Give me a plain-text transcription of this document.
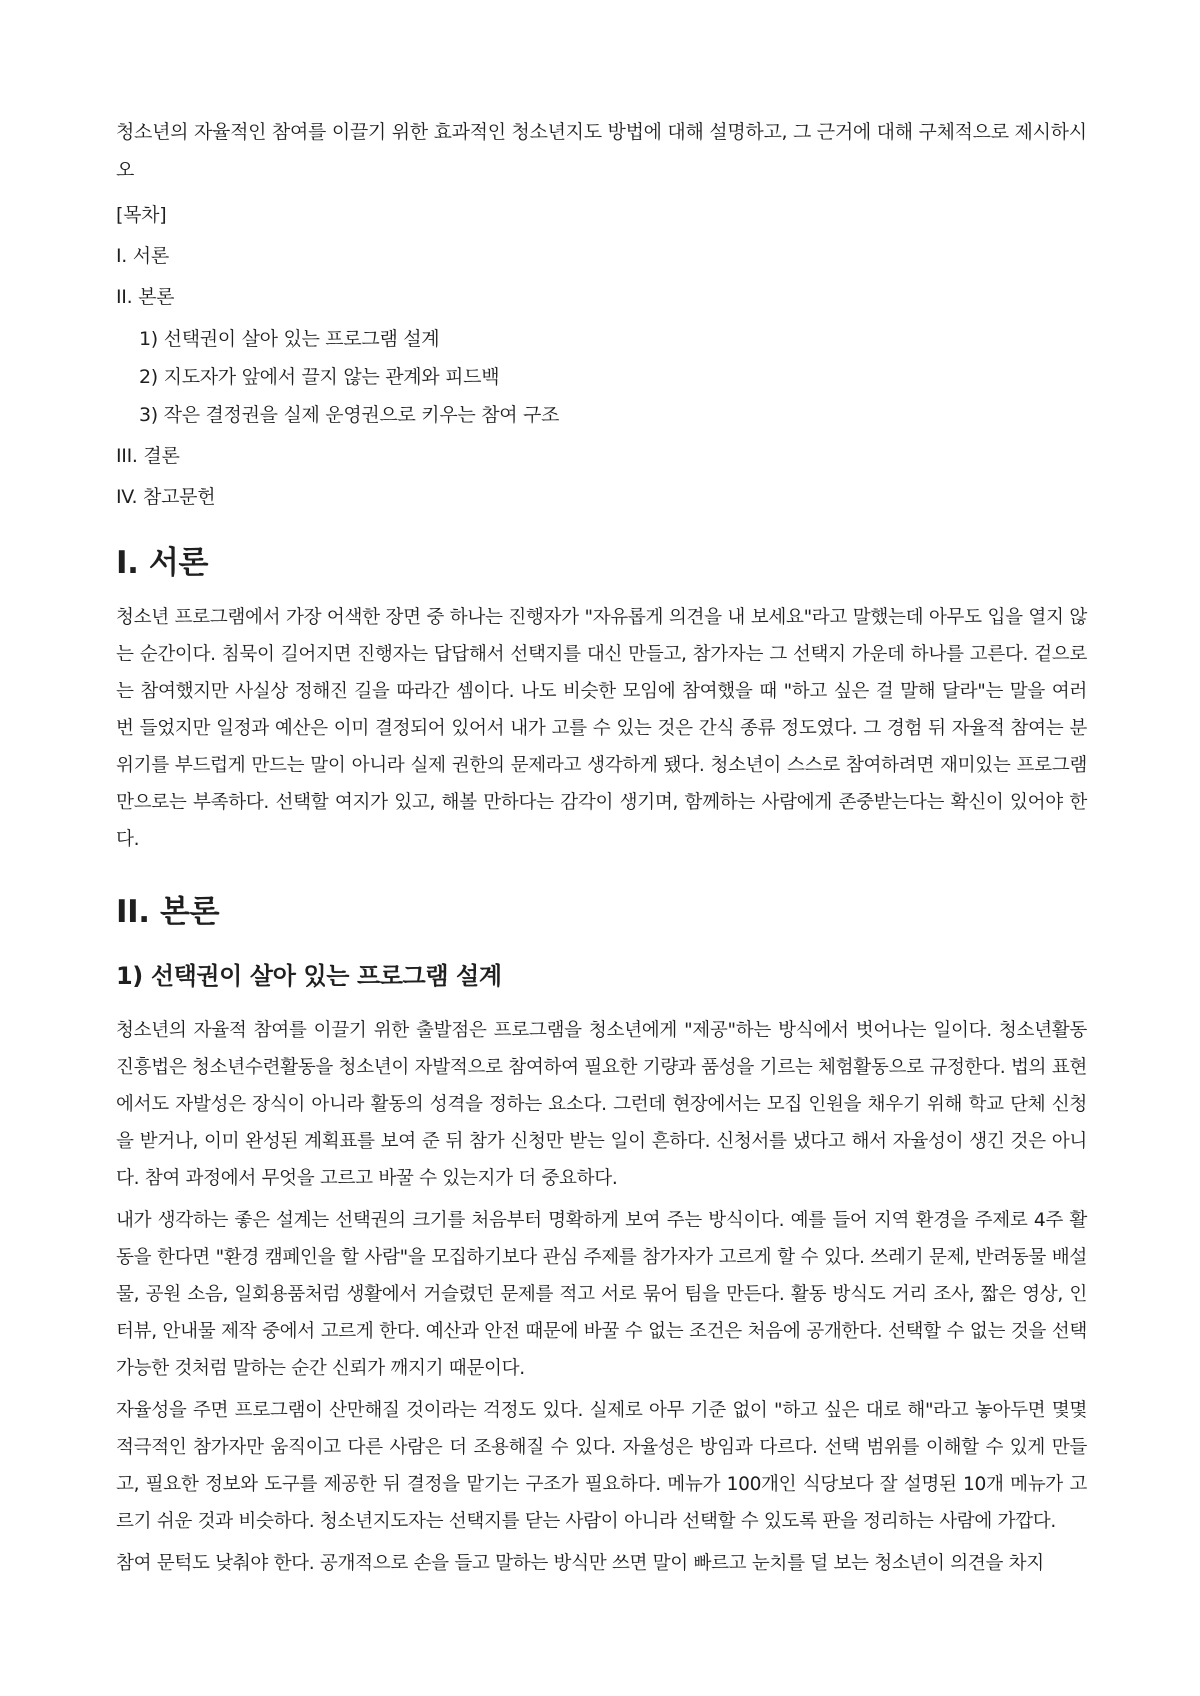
청소년의 자율적인 참여를 이끌기 위한 효과적인 청소년지도 방법에 대해 설명하고, 그 근거에 대해 구체적으로 제시하시오

[목차]

I. 서론

II. 본론

1) 선택권이 살아 있는 프로그램 설계

2) 지도자가 앞에서 끌지 않는 관계와 피드백

3) 작은 결정권을 실제 운영권으로 키우는 참여 구조

III. 결론

IV. 참고문헌

I. 서론

청소년 프로그램에서 가장 어색한 장면 중 하나는 진행자가 "자유롭게 의견을 내 보세요"라고 말했는데 아무도 입을 열지 않는 순간이다. 침묵이 길어지면 진행자는 답답해서 선택지를 대신 만들고, 참가자는 그 선택지 가운데 하나를 고른다. 겉으로는 참여했지만 사실상 정해진 길을 따라간 셈이다. 나도 비슷한 모임에 참여했을 때 "하고 싶은 걸 말해 달라"는 말을 여러 번 들었지만 일정과 예산은 이미 결정되어 있어서 내가 고를 수 있는 것은 간식 종류 정도였다. 그 경험 뒤 자율적 참여는 분위기를 부드럽게 만드는 말이 아니라 실제 권한의 문제라고 생각하게 됐다. 청소년이 스스로 참여하려면 재미있는 프로그램만으로는 부족하다. 선택할 여지가 있고, 해볼 만하다는 감각이 생기며, 함께하는 사람에게 존중받는다는 확신이 있어야 한다.

II. 본론
1) 선택권이 살아 있는 프로그램 설계

청소년의 자율적 참여를 이끌기 위한 출발점은 프로그램을 청소년에게 "제공"하는 방식에서 벗어나는 일이다. 청소년활동 진흥법은 청소년수련활동을 청소년이 자발적으로 참여하여 필요한 기량과 품성을 기르는 체험활동으로 규정한다. 법의 표현에서도 자발성은 장식이 아니라 활동의 성격을 정하는 요소다. 그런데 현장에서는 모집 인원을 채우기 위해 학교 단체 신청을 받거나, 이미 완성된 계획표를 보여 준 뒤 참가 신청만 받는 일이 흔하다. 신청서를 냈다고 해서 자율성이 생긴 것은 아니다. 참여 과정에서 무엇을 고르고 바꿀 수 있는지가 더 중요하다.

내가 생각하는 좋은 설계는 선택권의 크기를 처음부터 명확하게 보여 주는 방식이다. 예를 들어 지역 환경을 주제로 4주 활동을 한다면 "환경 캠페인을 할 사람"을 모집하기보다 관심 주제를 참가자가 고르게 할 수 있다. 쓰레기 문제, 반려동물 배설물, 공원 소음, 일회용품처럼 생활에서 거슬렸던 문제를 적고 서로 묶어 팀을 만든다. 활동 방식도 거리 조사, 짧은 영상, 인터뷰, 안내물 제작 중에서 고르게 한다. 예산과 안전 때문에 바꿀 수 없는 조건은 처음에 공개한다. 선택할 수 없는 것을 선택 가능한 것처럼 말하는 순간 신뢰가 깨지기 때문이다.

자율성을 주면 프로그램이 산만해질 것이라는 걱정도 있다. 실제로 아무 기준 없이 "하고 싶은 대로 해"라고 놓아두면 몇몇 적극적인 참가자만 움직이고 다른 사람은 더 조용해질 수 있다. 자율성은 방임과 다르다. 선택 범위를 이해할 수 있게 만들고, 필요한 정보와 도구를 제공한 뒤 결정을 맡기는 구조가 필요하다. 메뉴가 100개인 식당보다 잘 설명된 10개 메뉴가 고르기 쉬운 것과 비슷하다. 청소년지도자는 선택지를 닫는 사람이 아니라 선택할 수 있도록 판을 정리하는 사람에 가깝다.

참여 문턱도 낮춰야 한다. 공개적으로 손을 들고 말하는 방식만 쓰면 말이 빠르고 눈치를 덜 보는 청소년이 의견을 차지
